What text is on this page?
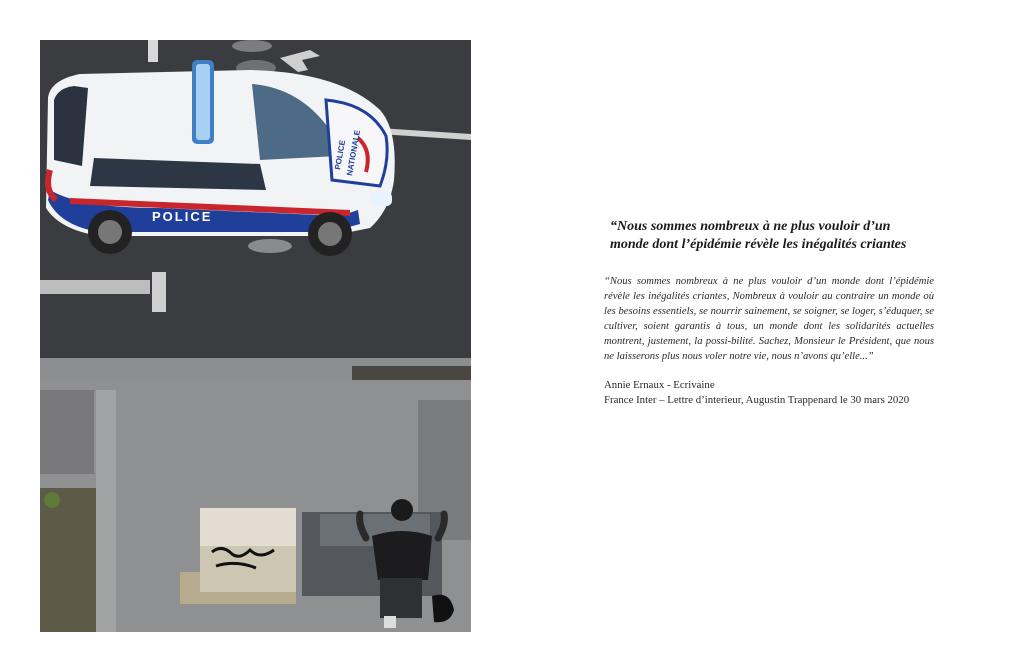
POLICE
POLICE
NATIONALE

“Nous sommes nombreux à ne plus vouloir d’un monde dont l’épidémie révèle les inégalités criantes

“Nous sommes nombreux à ne plus vouloir d’un monde dont l’épidémie révèle les inégalités criantes, Nombreux à vouloir au contraire un monde où les besoins essentiels, se nourrir sainement, se soigner, se loger, s’éduquer, se cultiver, soient garantis à tous, un monde dont les solidarités actuelles montrent, justement, la possi-bilité. Sachez, Monsieur le Président, que nous ne laisserons plus nous voler notre vie, nous n’avons qu’elle...”

Annie Ernaux - Ecrivaine
France Inter – Lettre d’interieur, Augustin Trappenard le 30 mars 2020
